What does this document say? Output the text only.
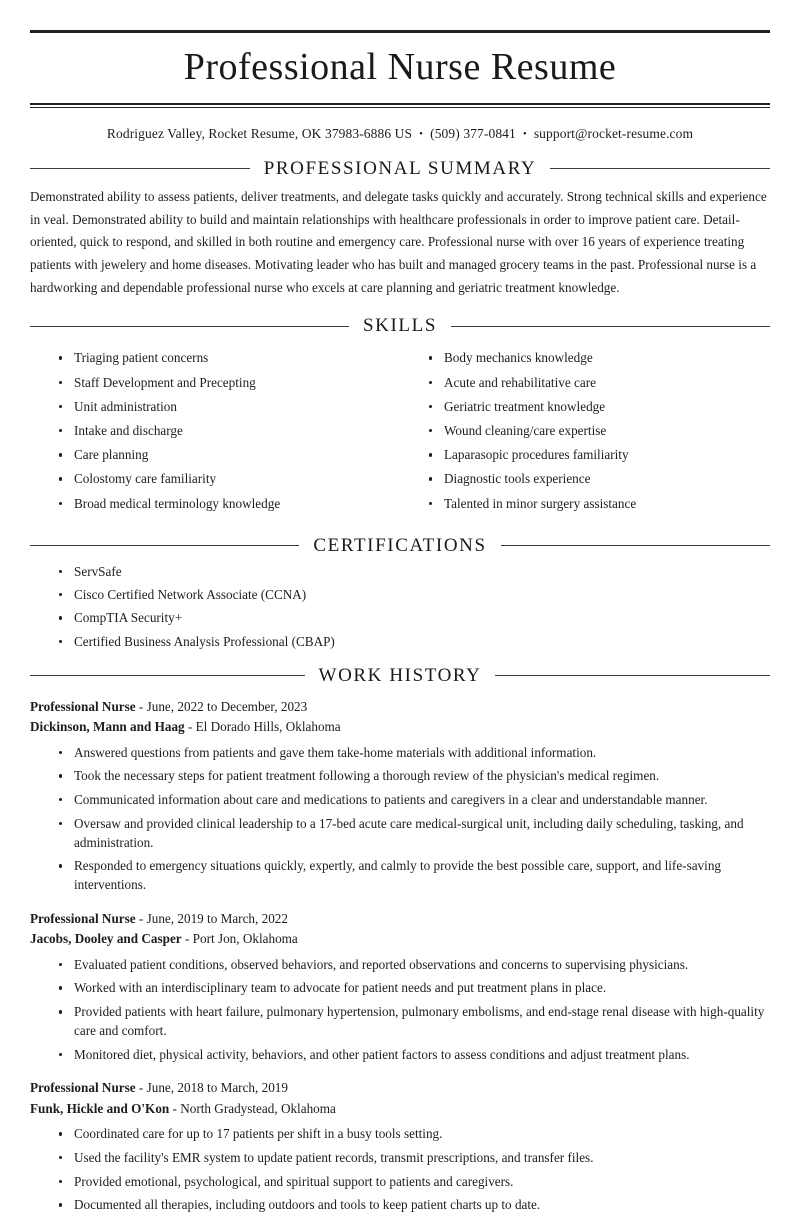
Professional Nurse Resume
Rodriguez Valley, Rocket Resume, OK 37983-6886 US • (509) 377-0841 • support@rocket-resume.com
PROFESSIONAL SUMMARY

Demonstrated ability to assess patients, deliver treatments, and delegate tasks quickly and accurately. Strong technical skills and experience in veal. Demonstrated ability to build and maintain relationships with healthcare professionals in order to improve patient care. Detail-oriented, quick to respond, and skilled in both routine and emergency care. Professional nurse with over 16 years of experience treating patients with jewelery and home diseases. Motivating leader who has built and managed grocery teams in the past. Professional nurse is a hardworking and dependable professional nurse who excels at care planning and geriatric treatment knowledge.

SKILLS
Triaging patient concerns
Staff Development and Precepting
Unit administration
Intake and discharge
Care planning
Colostomy care familiarity
Broad medical terminology knowledge
Body mechanics knowledge
Acute and rehabilitative care
Geriatric treatment knowledge
Wound cleaning/care expertise
Laparasopic procedures familiarity
Diagnostic tools experience
Talented in minor surgery assistance
CERTIFICATIONS
ServSafe
Cisco Certified Network Associate (CCNA)
CompTIA Security+
Certified Business Analysis Professional (CBAP)
WORK HISTORY
Professional Nurse - June, 2022 to December, 2023
Dickinson, Mann and Haag - El Dorado Hills, Oklahoma
Answered questions from patients and gave them take-home materials with additional information.
Took the necessary steps for patient treatment following a thorough review of the physician's medical regimen.
Communicated information about care and medications to patients and caregivers in a clear and understandable manner.
Oversaw and provided clinical leadership to a 17-bed acute care medical-surgical unit, including daily scheduling, tasking, and administration.
Responded to emergency situations quickly, expertly, and calmly to provide the best possible care, support, and life-saving interventions.
Professional Nurse - June, 2019 to March, 2022
Jacobs, Dooley and Casper - Port Jon, Oklahoma
Evaluated patient conditions, observed behaviors, and reported observations and concerns to supervising physicians.
Worked with an interdisciplinary team to advocate for patient needs and put treatment plans in place.
Provided patients with heart failure, pulmonary hypertension, pulmonary embolisms, and end-stage renal disease with high-quality care and comfort.
Monitored diet, physical activity, behaviors, and other patient factors to assess conditions and adjust treatment plans.
Professional Nurse - June, 2018 to March, 2019
Funk, Hickle and O'Kon - North Gradystead, Oklahoma
Coordinated care for up to 17 patients per shift in a busy tools setting.
Used the facility's EMR system to update patient records, transmit prescriptions, and transfer files.
Provided emotional, psychological, and spiritual support to patients and caregivers.
Documented all therapies, including outdoors and tools to keep patient charts up to date.
